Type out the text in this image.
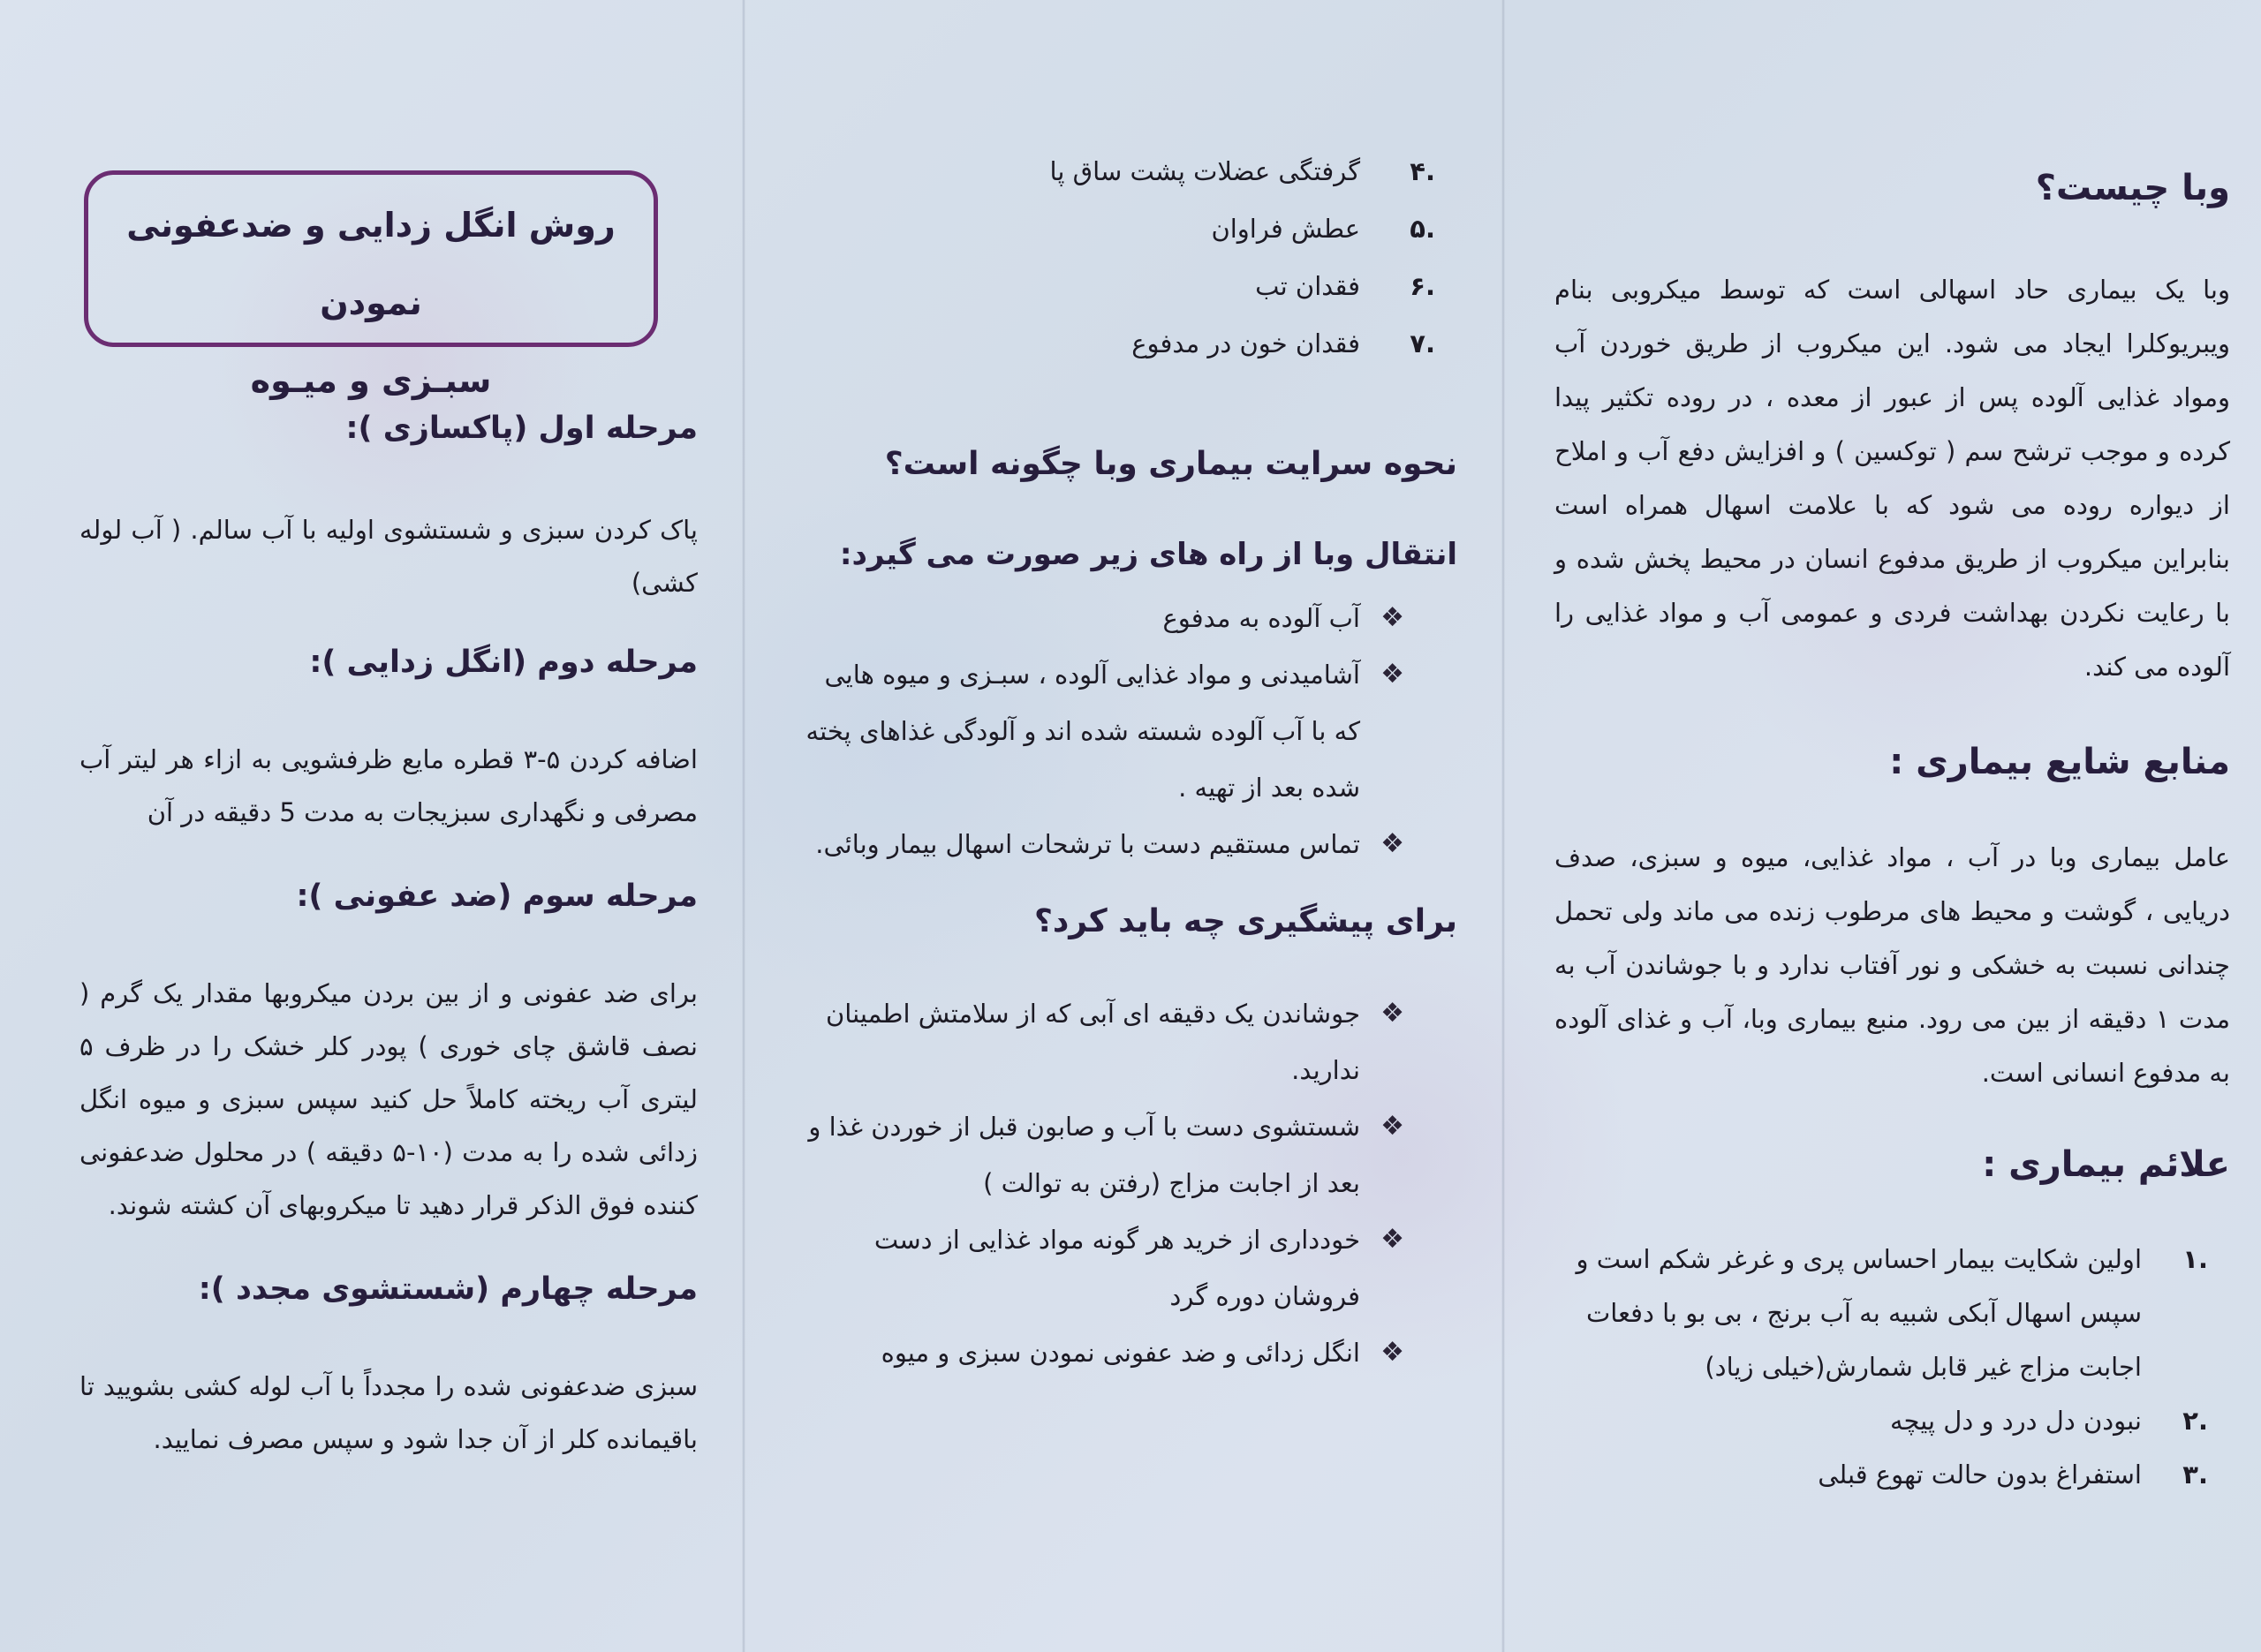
وبا چیست؟

وبا یک بیماری حاد اسهالی است که توسط میکروبی بنام ویبریوکلرا ایجاد می شود. این میکروب از طریق خوردن آب ومواد غذایی آلوده پس از عبور از معده ، در روده تکثیر پیدا کرده و موجب ترشح سم ( توکسین ) و افزایش دفع آب و املاح از دیواره روده می شود که با علامت اسهال همراه است بنابراین میکروب از طریق مدفوع انسان در محیط پخش شده و با رعایت نکردن بهداشت فردی و عمومی آب و مواد غذایی را آلوده می کند.

منابع شایع بیماری :

عامل بیماری وبا در آب ، مواد غذایی، میوه و سبزی، صدف دریایی ، گوشت و محیط های مرطوب زنده می ماند ولی تحمل چندانی نسبت به خشکی و نور آفتاب ندارد و با جوشاندن آب به مدت ۱ دقیقه از بین می رود. منبع بیماری وبا، آب و غذای آلوده به مدفوع انسانی است.

علائم بیماری :
.۱
اولین شکایت بیمار احساس پری و غرغر شکم است و سپس اسهال آبکی شبیه به آب برنج ، بی بو با دفعات اجابت مزاج غیر قابل شمارش(خیلی زیاد)
.۲
نبودن دل درد و دل پیچه
.۳
استفراغ بدون حالت تهوع قبلی
.۴
گرفتگی عضلات پشت ساق پا
.۵
عطش فراوان
.۶
فقدان تب
.۷
فقدان خون در مدفوع
نحوه سرایت بیماری وبا چگونه است؟
انتقال وبا از راه های زیر صورت می گیرد:
❖
آب آلوده به مدفوع
❖
آشامیدنی و مواد غذایی آلوده ، سبـزی و میوه هایی که با آب آلوده شسته شده اند و آلودگی غذاهای پخته شده بعد از تهیه .
❖
تماس مستقیم دست با ترشحات اسهال بیمار وبائی.
برای پیشگیری چه باید کرد؟
❖
جوشاندن یک دقیقه ای آبی که از سلامتش اطمینان ندارید.
❖
شستشوی دست با آب و صابون قبل از خوردن غذا و بعد از اجابت مزاج (رفتن به توالت )
❖
خودداری از خرید هر گونه مواد غذایی از دست فروشان دوره گرد
❖
انگل زدائی و ضد عفونی نمودن سبزی و میوه
روش انگل زدایی و ضدعفونی نمودن
سبـزی و میـوه
مرحله اول (پاکسازی ):

پاک کردن سبزی و شستشوی اولیه با آب سالم. ( آب لوله کشی)

مرحله دوم (انگل زدایی ):

اضافه کردن ۵-۳ قطره مایع ظرفشویی به ازاء هر لیتر آب مصرفی و نگهداری سبزیجات به مدت 5 دقیقه در آن

مرحله سوم (ضد عفونی ):

برای ضد عفونی و از بین بردن میکروبها مقدار یک گرم ( نصف قاشق چای خوری ) پودر کلر خشک را در ظرف ۵ لیتری آب ریخته کاملاً حل کنید سپس سبزی و میوه انگل زدائی شده را به مدت (۱۰-۵ دقیقه ) در محلول ضدعفونی کننده فوق الذکر قرار دهید تا میکروبهای آن کشته شوند.

مرحله چهارم (شستشوی مجدد ):

سبزی ضدعفونی شده را مجدداً با آب لوله کشی بشویید تا باقیمانده کلر از آن جدا شود و سپس مصرف نمایید.
